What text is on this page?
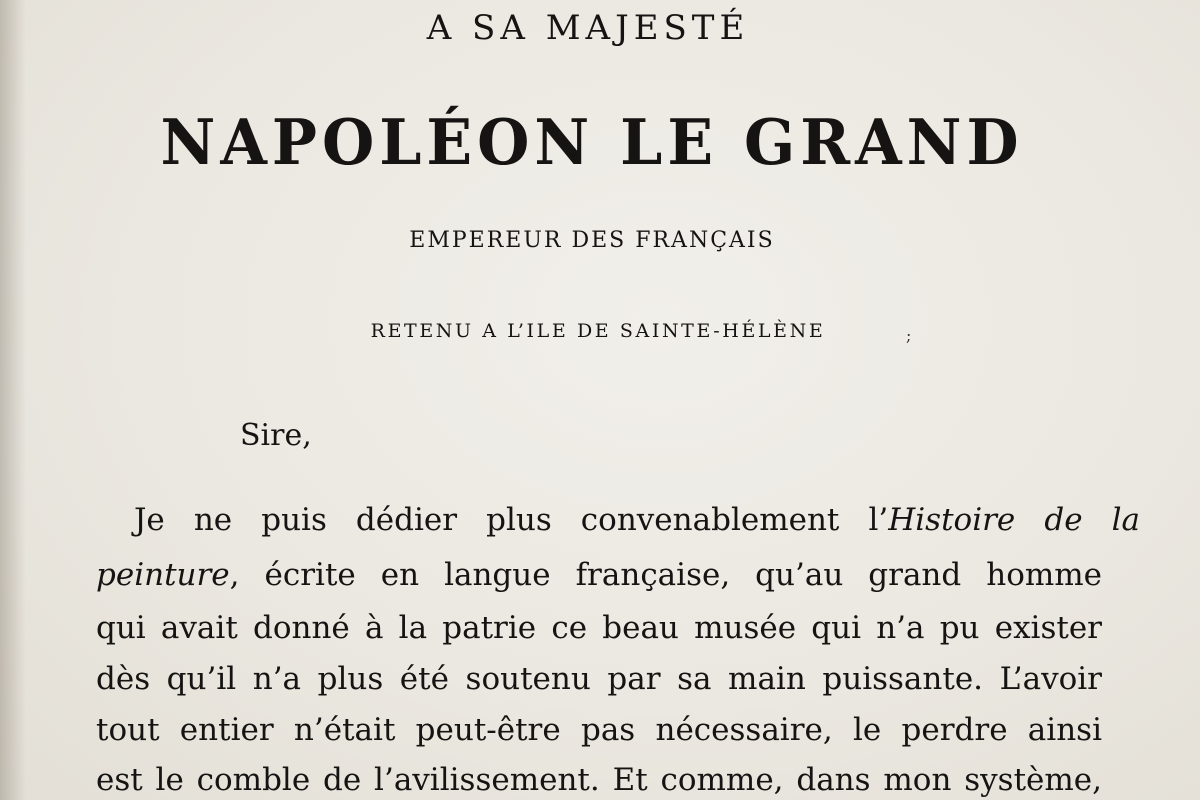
A SA MAJESTÉ
NAPOLÉON LE GRAND
EMPEREUR DES FRANÇAIS
RETENU A L’ILE DE SAINTE-HÉLÈNE	;
Sire,
Je ne puis dédier plus convenablement l’Histoire de la
peinture, écrite en langue française, qu’au grand homme
qui avait donné à la patrie ce beau musée qui n’a pu exister
dès qu’il n’a plus été soutenu par sa main puissante. L’avoir
tout entier n’était peut-être pas nécessaire, le perdre ainsi
est le comble de l’avilissement. Et comme, dans mon système,
